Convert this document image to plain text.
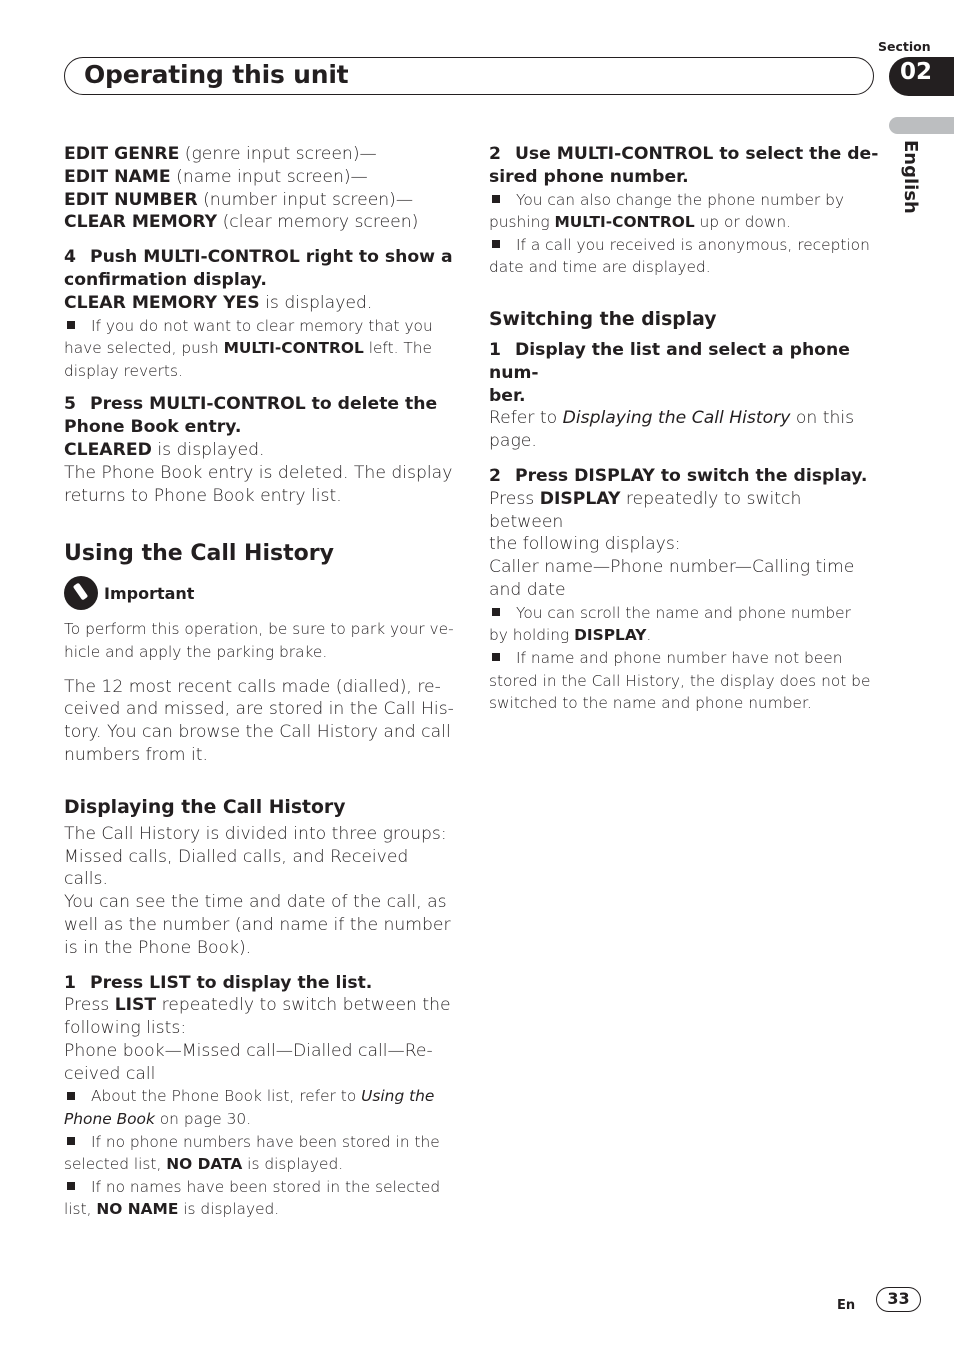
Operating this unit
Section
02
English

EDIT GENRE (genre input screen)—

EDIT NAME (name input screen)—

EDIT NUMBER (number input screen)—

CLEAR MEMORY (clear memory screen)

4 Push MULTI-CONTROL right to show a

confirmation display.

CLEAR MEMORY YES is displayed.

If you do not want to clear memory that you

have selected, push MULTI-CONTROL left. The

display reverts.

5 Press MULTI-CONTROL to delete the

Phone Book entry.

CLEARED is displayed.

The Phone Book entry is deleted. The display

returns to Phone Book entry list.

Using the Call History

Important

To perform this operation, be sure to park your ve-

hicle and apply the parking brake.

The 12 most recent calls made (dialled), re-

ceived and missed, are stored in the Call His-

tory. You can browse the Call History and call

numbers from it.

Displaying the Call History

The Call History is divided into three groups:

Missed calls, Dialled calls, and Received calls.

You can see the time and date of the call, as

well as the number (and name if the number

is in the Phone Book).

1 Press LIST to display the list.

Press LIST repeatedly to switch between the

following lists:

Phone book—Missed call—Dialled call—Re-

ceived call

About the Phone Book list, refer to Using the

Phone Book on page 30.

If no phone numbers have been stored in the

selected list, NO DATA is displayed.

If no names have been stored in the selected

list, NO NAME is displayed.

2 Use MULTI-CONTROL to select the de-

sired phone number.

You can also change the phone number by

pushing MULTI-CONTROL up or down.

If a call you received is anonymous, reception

date and time are displayed.

Switching the display

1 Display the list and select a phone num-

ber.

Refer to Displaying the Call History on this

page.

2 Press DISPLAY to switch the display.

Press DISPLAY repeatedly to switch between

the following displays:

Caller name—Phone number—Calling time

and date

You can scroll the name and phone number

by holding DISPLAY.

If name and phone number have not been

stored in the Call History, the display does not be

switched to the name and phone number.

En	33
